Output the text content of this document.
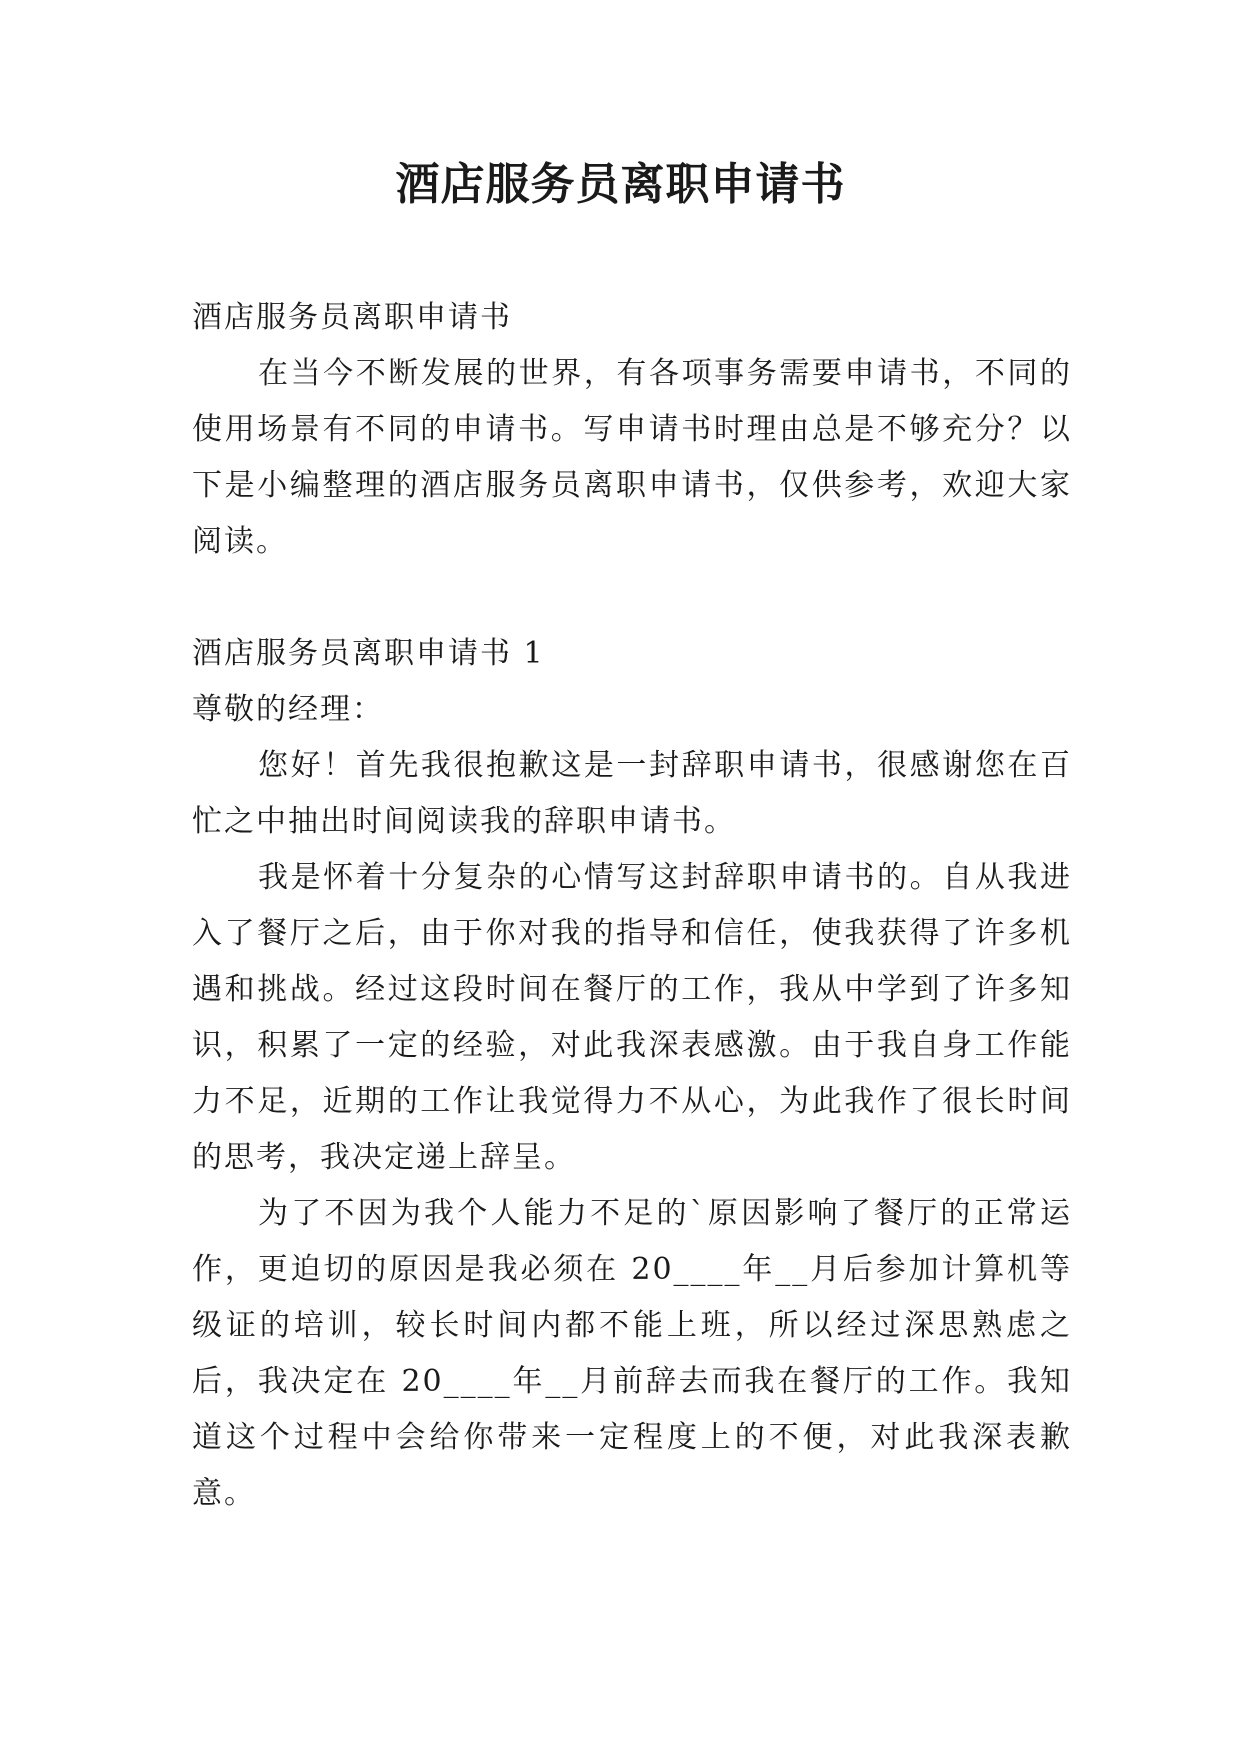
酒店服务员离职申请书

酒店服务员离职申请书

在当今不断发展的世界，有各项事务需要申请书，不同的使用场景有不同的申请书。写申请书时理由总是不够充分？以下是小编整理的酒店服务员离职申请书，仅供参考，欢迎大家阅读。

酒店服务员离职申请书 1

尊敬的经理：

您好！首先我很抱歉这是一封辞职申请书，很感谢您在百忙之中抽出时间阅读我的辞职申请书。

我是怀着十分复杂的心情写这封辞职申请书的。自从我进入了餐厅之后，由于你对我的指导和信任，使我获得了许多机遇和挑战。经过这段时间在餐厅的工作，我从中学到了许多知识，积累了一定的经验，对此我深表感激。由于我自身工作能力不足，近期的工作让我觉得力不从心，为此我作了很长时间的思考，我决定递上辞呈。

为了不因为我个人能力不足的`原因影响了餐厅的正常运作，更迫切的原因是我必须在 20____年__月后参加计算机等级证的培训，较长时间内都不能上班，所以经过深思熟虑之后，我决定在 20____年__月前辞去而我在餐厅的工作。我知道这个过程中会给你带来一定程度上的不便，对此我深表歉意。
